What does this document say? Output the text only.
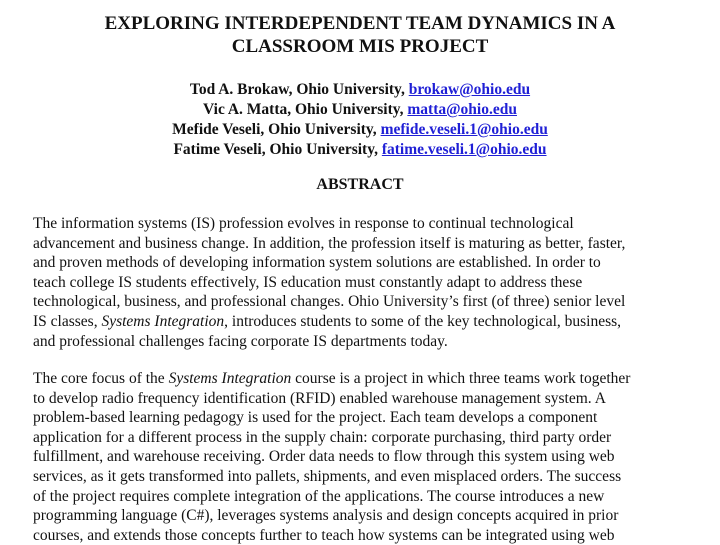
EXPLORING INTERDEPENDENT TEAM DYNAMICS IN A
CLASSROOM MIS PROJECT
Tod A. Brokaw, Ohio University, brokaw@ohio.edu
Vic A. Matta, Ohio University, matta@ohio.edu
Mefide Veseli, Ohio University, mefide.veseli.1@ohio.edu
Fatime Veseli, Ohio University, fatime.veseli.1@ohio.edu
ABSTRACT

The information systems (IS) profession evolves in response to continual technological
advancement and business change. In addition, the profession itself is maturing as better, faster,
and proven methods of developing information system solutions are established. In order to
teach college IS students effectively, IS education must constantly adapt to address these
technological, business, and professional changes. Ohio University’s first (of three) senior level
IS classes, Systems Integration, introduces students to some of the key technological, business,
and professional challenges facing corporate IS departments today.

The core focus of the Systems Integration course is a project in which three teams work together
to develop radio frequency identification (RFID) enabled warehouse management system. A
problem-based learning pedagogy is used for the project. Each team develops a component
application for a different process in the supply chain: corporate purchasing, third party order
fulfillment, and warehouse receiving. Order data needs to flow through this system using web
services, as it gets transformed into pallets, shipments, and even misplaced orders. The success
of the project requires complete integration of the applications. The course introduces a new
programming language (C#), leverages systems analysis and design concepts acquired in prior
courses, and extends those concepts further to teach how systems can be integrated using web
